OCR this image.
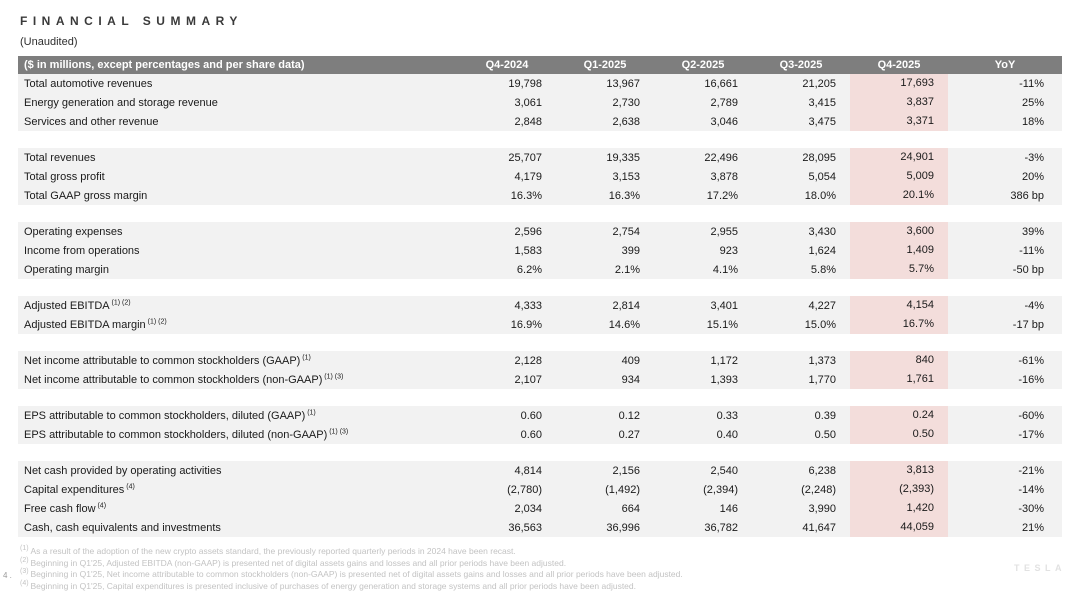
FINANCIAL SUMMARY
(Unaudited)
($ in millions, except percentages and per share data)	Q4-2024	Q1-2025	Q2-2025	Q3-2025	Q4-2025	YoY
Total automotive revenues	19,798	13,967	16,661	21,205	17,693	-11%
Energy generation and storage revenue	3,061	2,730	2,789	3,415	3,837	25%
Services and other revenue	2,848	2,638	3,046	3,475	3,371	18%
Total revenues	25,707	19,335	22,496	28,095	24,901	-3%
Total gross profit	4,179	3,153	3,878	5,054	5,009	20%
Total GAAP gross margin	16.3%	16.3%	17.2%	18.0%	20.1%	386 bp
Operating expenses	2,596	2,754	2,955	3,430	3,600	39%
Income from operations	1,583	399	923	1,624	1,409	-11%
Operating margin	6.2%	2.1%	4.1%	5.8%	5.7%	-50 bp
Adjusted EBITDA $^{(1) (2)}$	4,333	2,814	3,401	4,227	4,154	-4%
Adjusted EBITDA margin $^{(1) (2)}$	16.9%	14.6%	15.1%	15.0%	16.7%	-17 bp
Net income attributable to common stockholders (GAAP) $^{(1)}$	2,128	409	1,172	1,373	840	-61%
Net income attributable to common stockholders (non-GAAP) $^{(1) (3)}$	2,107	934	1,393	1,770	1,761	-16%
EPS attributable to common stockholders, diluted (GAAP) $^{(1)}$	0.60	0.12	0.33	0.39	0.24	-60%
EPS attributable to common stockholders, diluted (non-GAAP) $^{(1) (3)}$	0.60	0.27	0.40	0.50	0.50	-17%
Net cash provided by operating activities	4,814	2,156	2,540	6,238	3,813	-21%
Capital expenditures $^{(4)}$	(2,780)	(1,492)	(2,394)	(2,248)	(2,393)	-14%
Free cash flow $^{(4)}$	2,034	664	146	3,990	1,420	-30%
Cash, cash equivalents and investments	36,563	36,996	36,782	41,647	44,059	21%
$^{(1)}$ As a result of the adoption of the new crypto assets standard, the previously reported quarterly periods in 2024 have been recast.
$^{(2)}$ Beginning in Q1'25, Adjusted EBITDA (non-GAAP) is presented net of digital assets gains and losses and all prior periods have been adjusted.
$^{(3)}$ Beginning in Q1'25, Net income attributable to common stockholders (non-GAAP) is presented net of digital assets gains and losses and all prior periods have been adjusted.
$^{(4)}$ Beginning in Q1'25, Capital expenditures is presented inclusive of purchases of energy generation and storage systems and all prior periods have been adjusted.
4 .
TESLA
